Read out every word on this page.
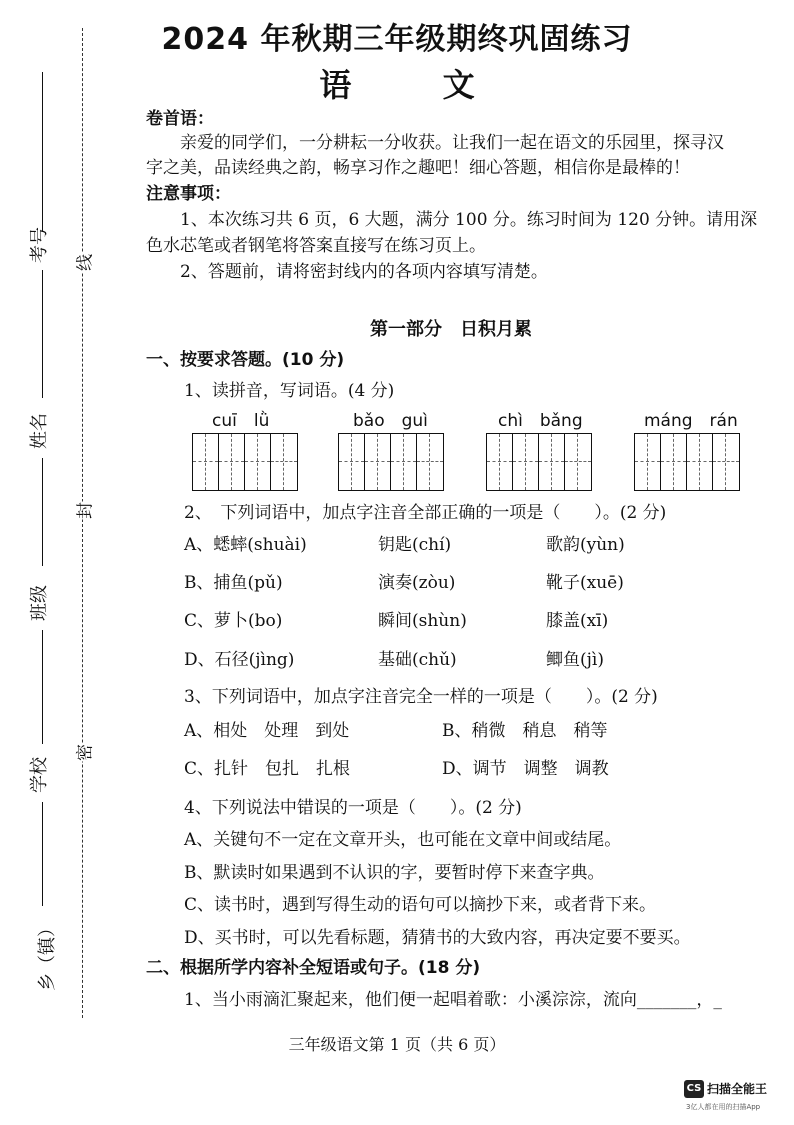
2024 年秋期三年级期终巩固练习
语 文
考号
姓名
班级
学校
乡（镇）
线
封
密
卷首语：
亲爱的同学们，一分耕耘一分收获。让我们一起在语文的乐园里，探寻汉
字之美，品读经典之韵，畅享习作之趣吧！细心答题，相信你是最棒的！
注意事项：
1、本次练习共 6 页，6 大题，满分 100 分。练习时间为 120 分钟。请用深
色水芯笔或者钢笔将答案直接写在练习页上。
2、答题前，请将密封线内的各项内容填写清楚。
第一部分　日积月累
一、按要求答题。(10 分)
1、读拼音，写词语。(4 分)
cuī　lǜ	bǎo　guì	chì　bǎng	máng　rán
2、　下列词语中，加点字注音全部正确的一项是（　　）。(2 分)
A、蟋蟀(shuài)	钥匙(chí)	歌韵(yùn)
B、捕鱼(pǔ)	演奏(zòu)	靴子(xuē)
C、萝卜(bo)	瞬间(shùn)	膝盖(xī)
D、石径(jìng)	基础(chǔ)	鲫鱼(jì)
3、下列词语中，加点字注音完全一样的一项是（　　）。(2 分)
A、相处　处理　到处	B、稍微　稍息　稍等
C、扎针　包扎　扎根	D、调节　调整　调教
4、下列说法中错误的一项是（　　）。(2 分)
A、关键句不一定在文章开头，也可能在文章中间或结尾。
B、默读时如果遇到不认识的字，要暂时停下来查字典。
C、读书时，遇到写得生动的语句可以摘抄下来，或者背下来。
D、买书时，可以先看标题，猜猜书的大致内容，再决定要不要买。
二、根据所学内容补全短语或句子。(18 分)
1、当小雨滴汇聚起来，他们便一起唱着歌：小溪淙淙，流向_______，_
三年级语文第 1 页（共 6 页）
CS 扫描全能王
3亿人都在用的扫描App
